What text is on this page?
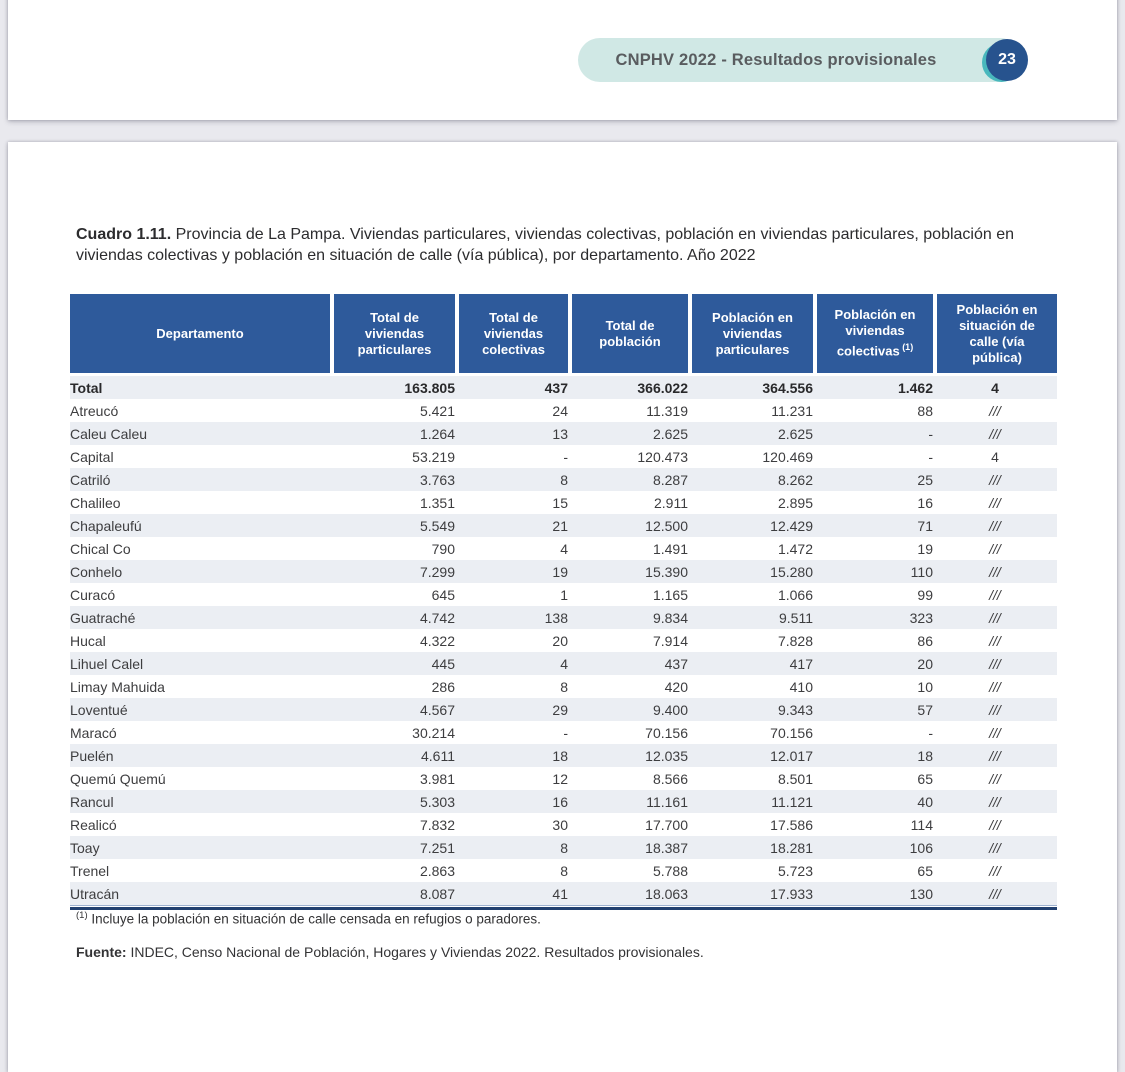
CNPHV 2022 - Resultados provisionales	23
Cuadro 1.11. Provincia de La Pampa. Viviendas particulares, viviendas colectivas, población en viviendas particulares, población en viviendas colectivas y población en situación de calle (vía pública), por departamento. Año 2022
Departamento	Total de viviendas particulares	Total de viviendas colectivas	Total de población	Población en viviendas particulares	Población en viviendas colectivas $^{(1)}$	Población en situación de calle (vía pública)
Total	163.805	437	366.022	364.556	1.462	4
Atreucó	5.421	24	11.319	11.231	88	///
Caleu Caleu	1.264	13	2.625	2.625	-	///
Capital	53.219	-	120.473	120.469	-	4
Catriló	3.763	8	8.287	8.262	25	///
Chalileo	1.351	15	2.911	2.895	16	///
Chapaleufú	5.549	21	12.500	12.429	71	///
Chical Co	790	4	1.491	1.472	19	///
Conhelo	7.299	19	15.390	15.280	110	///
Curacó	645	1	1.165	1.066	99	///
Guatraché	4.742	138	9.834	9.511	323	///
Hucal	4.322	20	7.914	7.828	86	///
Lihuel Calel	445	4	437	417	20	///
Limay Mahuida	286	8	420	410	10	///
Loventué	4.567	29	9.400	9.343	57	///
Maracó	30.214	-	70.156	70.156	-	///
Puelén	4.611	18	12.035	12.017	18	///
Quemú Quemú	3.981	12	8.566	8.501	65	///
Rancul	5.303	16	11.161	11.121	40	///
Realicó	7.832	30	17.700	17.586	114	///
Toay	7.251	8	18.387	18.281	106	///
Trenel	2.863	8	5.788	5.723	65	///
Utracán	8.087	41	18.063	17.933	130	///
$^{(1)}$ Incluye la población en situación de calle censada en refugios o paradores.
Fuente: INDEC, Censo Nacional de Población, Hogares y Viviendas 2022. Resultados provisionales.
